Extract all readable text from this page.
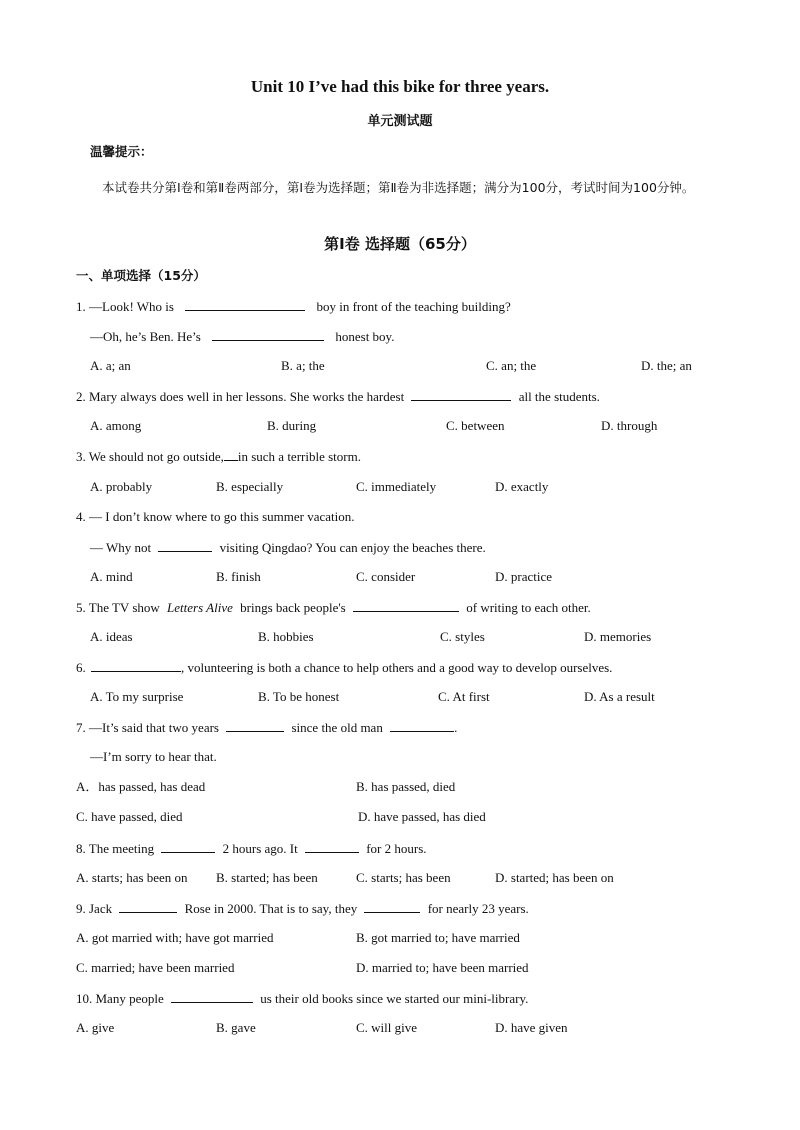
Unit 10 I’ve had this bike for three years.
单元测试题
温馨提示：
本试卷共分第Ⅰ卷和第Ⅱ卷两部分，第Ⅰ卷为选择题；第Ⅱ卷为非选择题；满分为100分，考试时间为100分钟。
第Ⅰ卷 选择题（65分）
一、单项选择（15分）
1. —Look! Who is	boy in front of the teaching building?
—Oh, he’s Ben. He’s	honest boy.
A. a; an	B. a; the	C. an; the	D. the; an
2. Mary always does well in her lessons. She works the hardest	all the students.
A. among	B. during	C. between	D. through
3. We should not go outside, in such a terrible storm.
A. probably	B. especially	C. immediately	D. exactly
4. — I don’t know where to go this summer vacation.
— Why not	visiting Qingdao? You can enjoy the beaches there.
A. mind	B. finish	C. consider	D. practice
5. The TV show Letters Alive brings back people's	of writing to each other.
A. ideas	B. hobbies	C. styles	D. memories
6.	, volunteering is both a chance to help others and a good way to develop ourselves.
A. To my surprise	B. To be honest	C. At first	D. As a result
7. —It’s said that two years	since the old man	.
—I’m sorry to hear that.
A．has passed, has dead	B. has passed, died
C. have passed, died	D. have passed, has died
8. The meeting	2 hours ago. It	for 2 hours.
A. starts; has been on B. started; has been	C. starts; has been	D. started; has been on
9. Jack	Rose in 2000. That is to say, they	for nearly 23 years.
A. got married with; have got married	B. got married to; have married
C. married; have been married	D. married to; have been married
10. Many people	us their old books since we started our mini-library.
A. give	B. gave	C. will give	D. have given
